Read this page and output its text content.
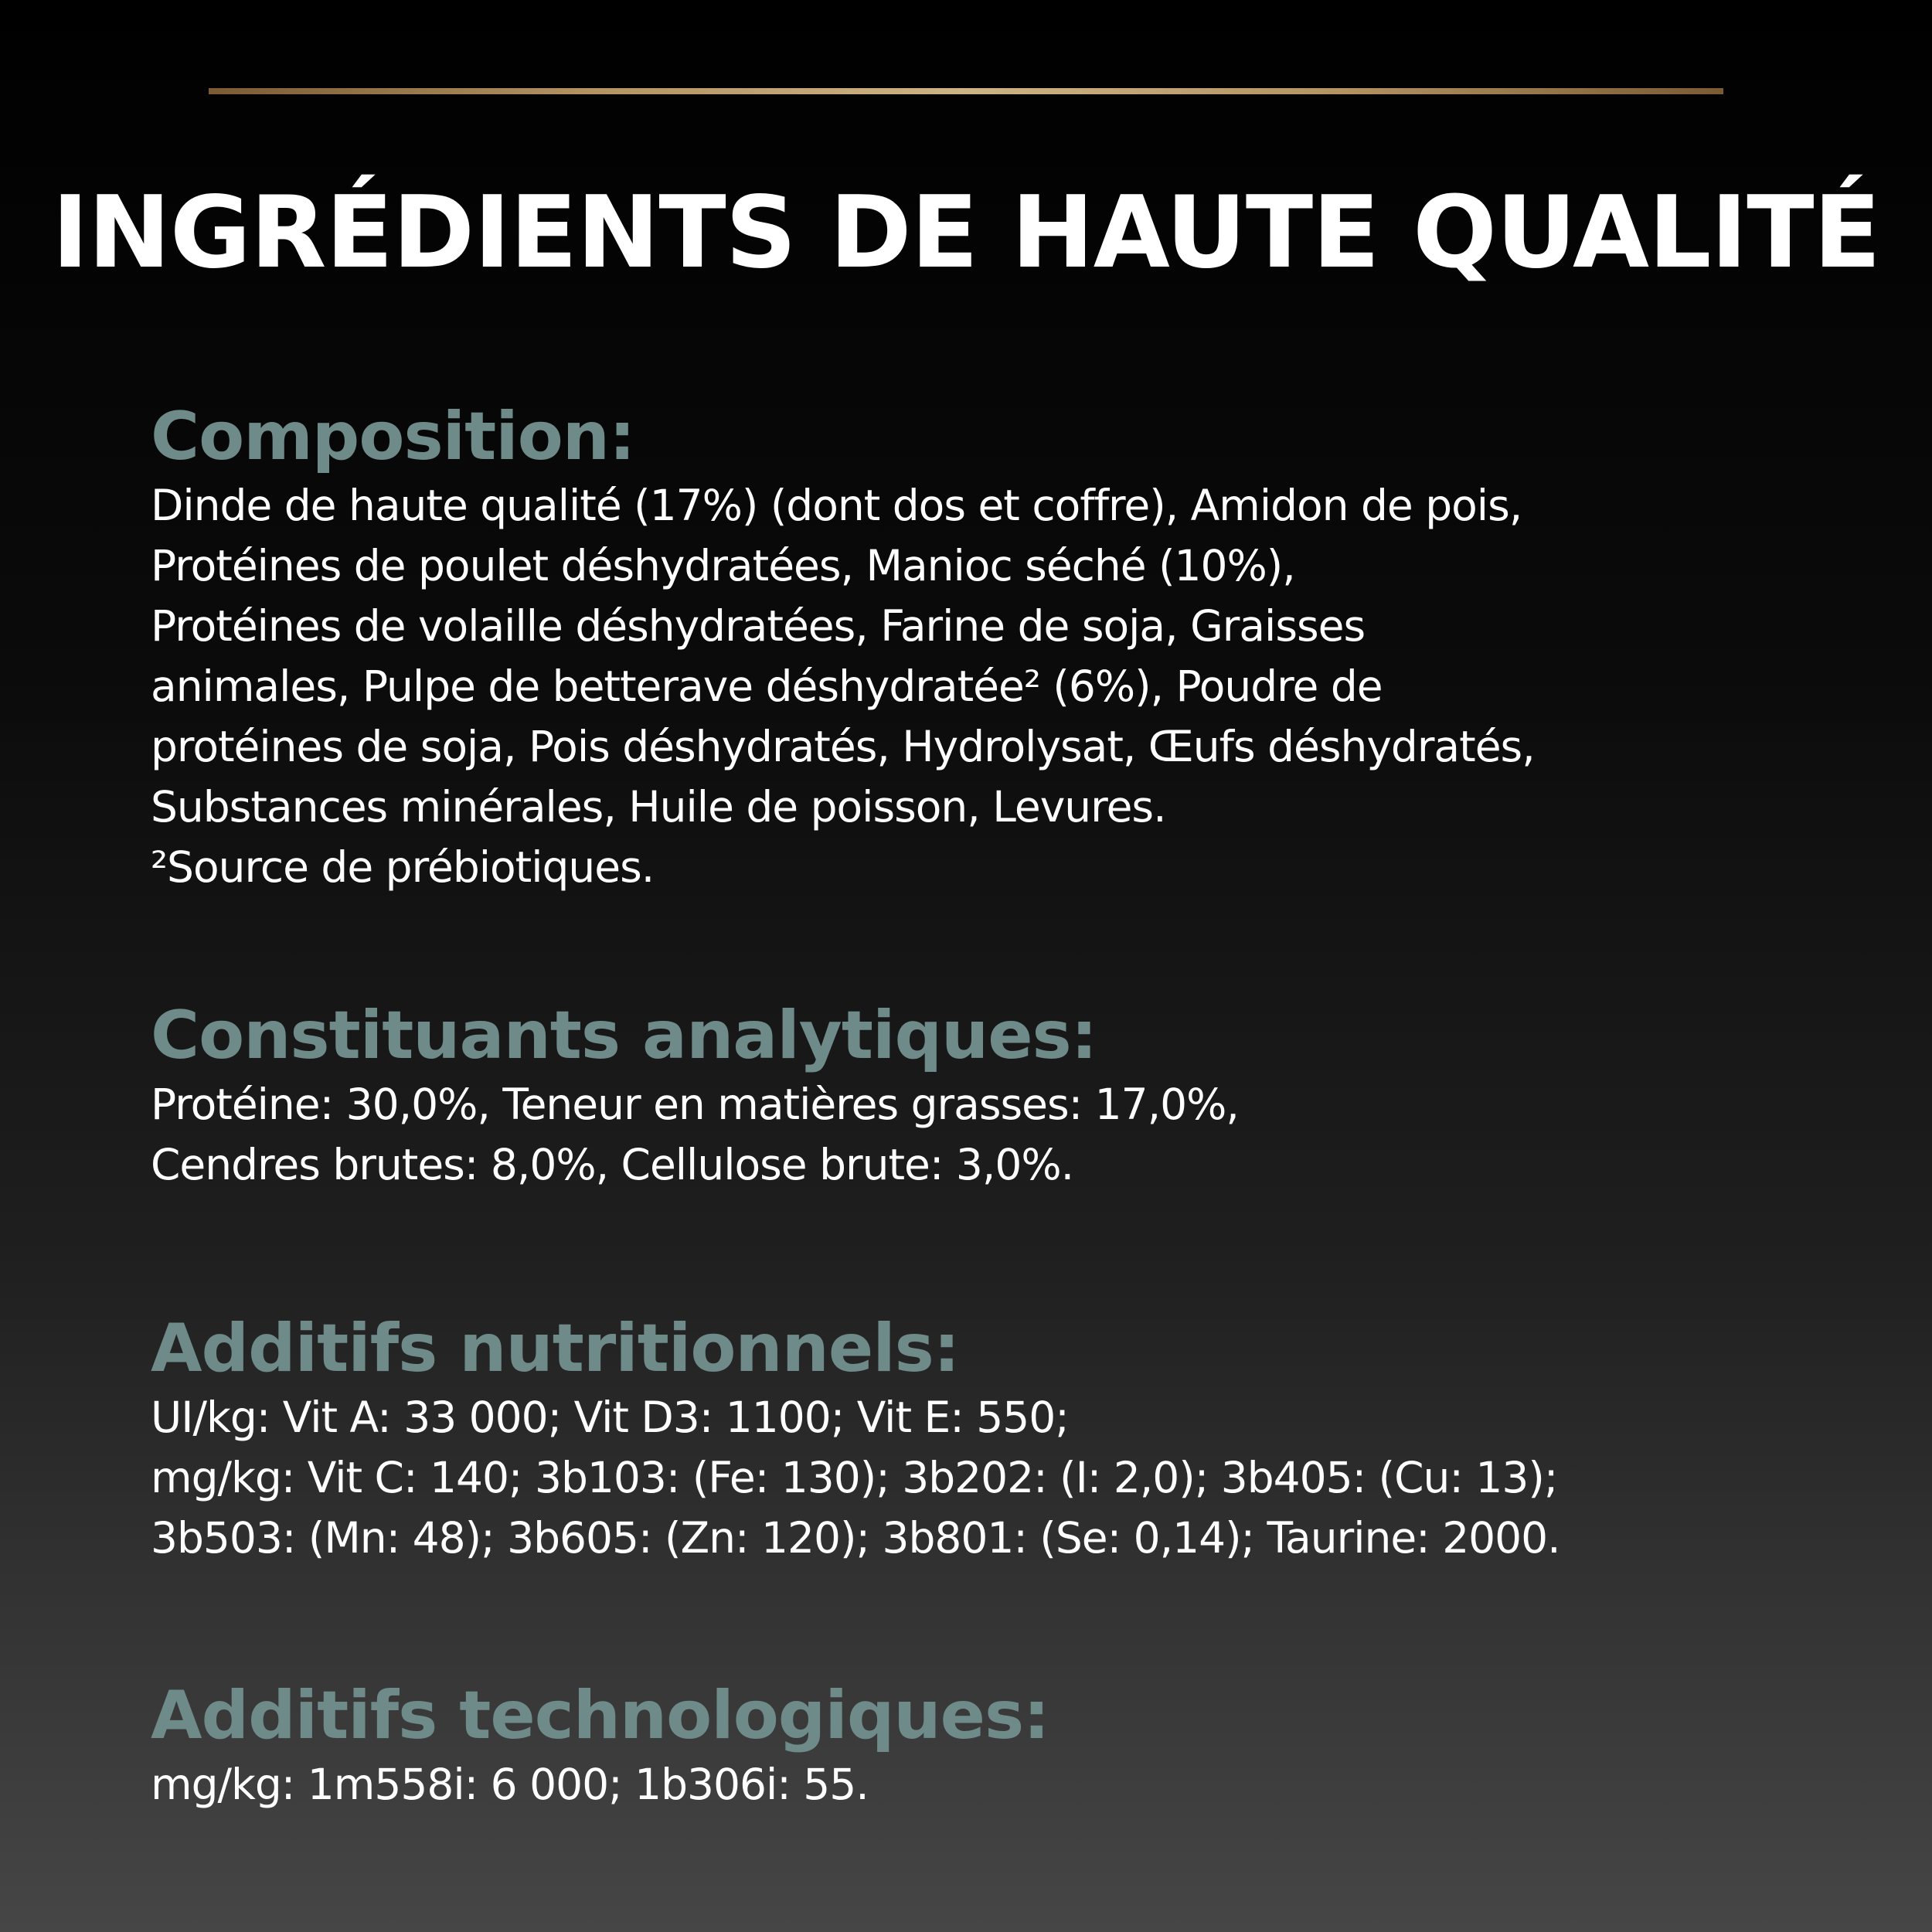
INGRÉDIENTS DE HAUTE QUALITÉ
Composition:
Dinde de haute qualité (17%) (dont dos et coffre), Amidon de pois,
Protéines de poulet déshydratées, Manioc séché (10%),
Protéines de volaille déshydratées, Farine de soja, Graisses
animales, Pulpe de betterave déshydratée² (6%), Poudre de
protéines de soja, Pois déshydratés, Hydrolysat, Œufs déshydratés,
Substances minérales, Huile de poisson, Levures.
²Source de prébiotiques.
Constituants analytiques:
Protéine: 30,0%, Teneur en matières grasses: 17,0%,
Cendres brutes: 8,0%, Cellulose brute: 3,0%.
Additifs nutritionnels:
UI/kg: Vit A: 33 000; Vit D3: 1100; Vit E: 550;
mg/kg: Vit C: 140; 3b103: (Fe: 130); 3b202: (I: 2,0); 3b405: (Cu: 13);
3b503: (Mn: 48); 3b605: (Zn: 120); 3b801: (Se: 0,14); Taurine: 2000.
Additifs technologiques:
mg/kg: 1m558i: 6 000; 1b306i: 55.
